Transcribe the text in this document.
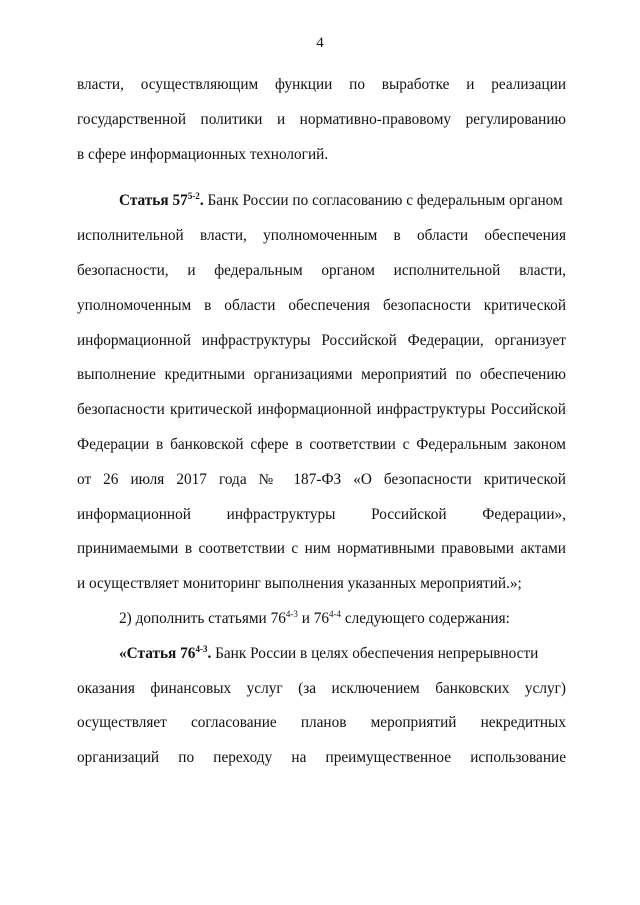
4
власти, осуществляющим функции по выработке и реализации
государственной политики и нормативно-правовому регулированию
в сфере информационных технологий.
Статья 57$^{5-2}$. Банк России по согласованию с федеральным органом
исполнительной власти, уполномоченным в области обеспечения
безопасности, и федеральным органом исполнительной власти,
уполномоченным в области обеспечения безопасности критической
информационной инфраструктуры Российской Федерации, организует
выполнение кредитными организациями мероприятий по обеспечению
безопасности критической информационной инфраструктуры Российской
Федерации в банковской сфере в соответствии с Федеральным законом
от 26 июля 2017 года № 187-ФЗ «О безопасности критической
информационной инфраструктуры Российской Федерации»,
принимаемыми в соответствии с ним нормативными правовыми актами
и осуществляет мониторинг выполнения указанных мероприятий.»;
2) дополнить статьями 76$^{4-3}$ и 76$^{4-4}$ следующего содержания:
«Статья 76$^{4-3}$. Банк России в целях обеспечения непрерывности
оказания финансовых услуг (за исключением банковских услуг)
осуществляет согласование планов мероприятий некредитных
организаций по переходу на преимущественное использование
